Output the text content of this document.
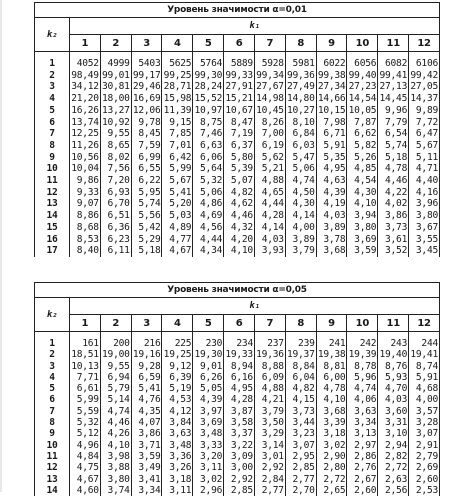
Уровень значимости α=0,01												
k₂	k₁											
	1	2	3	4	5	6	7	8	9	10	11	12
1	4052	4999	5403	5625	5764	5889	5928	5981	6022	6056	6082	6106
2	98,49	99,01	99,17	99,25	99,30	99,33	99,34	99,36	99,38	99,40	99,41	99,42
3	34,12	30,81	29,46	28,71	28,24	27,91	27,67	27,49	27,34	27,23	27,13	27,05
4	21,20	18,00	16,69	15,98	15,52	15,21	14,98	14,80	14,66	14,54	14,45	14,37
5	16,26	13,27	12,06	11,39	10,97	10,67	10,45	10,27	10,15	10,05	9,96	9,89
6	13,74	10,92	9,78	9,15	8,75	8,47	8,26	8,10	7,98	7,87	7,79	7,72
7	12,25	9,55	8,45	7,85	7,46	7,19	7,00	6,84	6,71	6,62	6,54	6,47
8	11,26	8,65	7,59	7,01	6,63	6,37	6,19	6,03	5,91	5,82	5,74	5,67
9	10,56	8,02	6,99	6,42	6,06	5,80	5,62	5,47	5,35	5,26	5,18	5,11
10	10,04	7,56	6,55	5,99	5,64	5,39	5,21	5,06	4,95	4,85	4,78	4,71
11	9,86	7,20	6,22	5,67	5,32	5,07	4,88	4,74	4,63	4,54	4,46	4,40
12	9,33	6,93	5,95	5,41	5,06	4,82	4,65	4,50	4,39	4,30	4,22	4,16
13	9,07	6,70	5,74	5,20	4,86	4,62	4,44	4,30	4,19	4,10	4,02	3,96
14	8,86	6,51	5,56	5,03	4,69	4,46	4,28	4,14	4,03	3,94	3,86	3,80
15	8,68	6,36	5,42	4,89	4,56	4,32	4,14	4,00	3,89	3,80	3,73	3,67
16	8,53	6,23	5,29	4,77	4,44	4,20	4,03	3,89	3,78	3,69	3,61	3,55
17	8,40	6,11	5,18	4,67	4,34	4,10	3,93	3,79	3,68	3,59	3,52	3,45
Уровень значимости α=0,05												
k₂	k₁											
	1	2	3	4	5	6	7	8	9	10	11	12
1	161	200	216	225	230	234	237	239	241	242	243	244
2	18,51	19,00	19,16	19,25	19,30	19,33	19,36	19,37	19,38	19,39	19,40	19,41
3	10,13	9,55	9,28	9,12	9,01	8,94	8,88	8,84	8,81	8,78	8,76	8,74
4	7,71	6,94	6,59	6,39	6,26	6,16	6,09	6,04	6,00	5,96	5,93	5,91
5	6,61	5,79	5,41	5,19	5,05	4,95	4,88	4,82	4,78	4,74	4,70	4,68
6	5,99	5,14	4,76	4,53	4,39	4,28	4,21	4,15	4,10	4,06	4,03	4,00
7	5,59	4,74	4,35	4,12	3,97	3,87	3,79	3,73	3,68	3,63	3,60	3,57
8	5,32	4,46	4,07	3,84	3,69	3,58	3,50	3,44	3,39	3,34	3,31	3,28
9	5,12	4,26	3,86	3,63	3,48	3,37	3,29	3,23	3,18	3,13	3,10	3,07
10	4,96	4,10	3,71	3,48	3,33	3,22	3,14	3,07	3,02	2,97	2,94	2,91
11	4,84	3,98	3,59	3,36	3,20	3,09	3,01	2,95	2,90	2,86	2,82	2,79
12	4,75	3,88	3,49	3,26	3,11	3,00	2,92	2,85	2,80	2,76	2,72	2,69
13	4,67	3,80	3,41	3,18	3,02	2,92	2,84	2,77	2,72	2,67	2,63	2,60
14	4,60	3,74	3,34	3,11	2,96	2,85	2,77	2,70	2,65	2,60	2,56	2,53
